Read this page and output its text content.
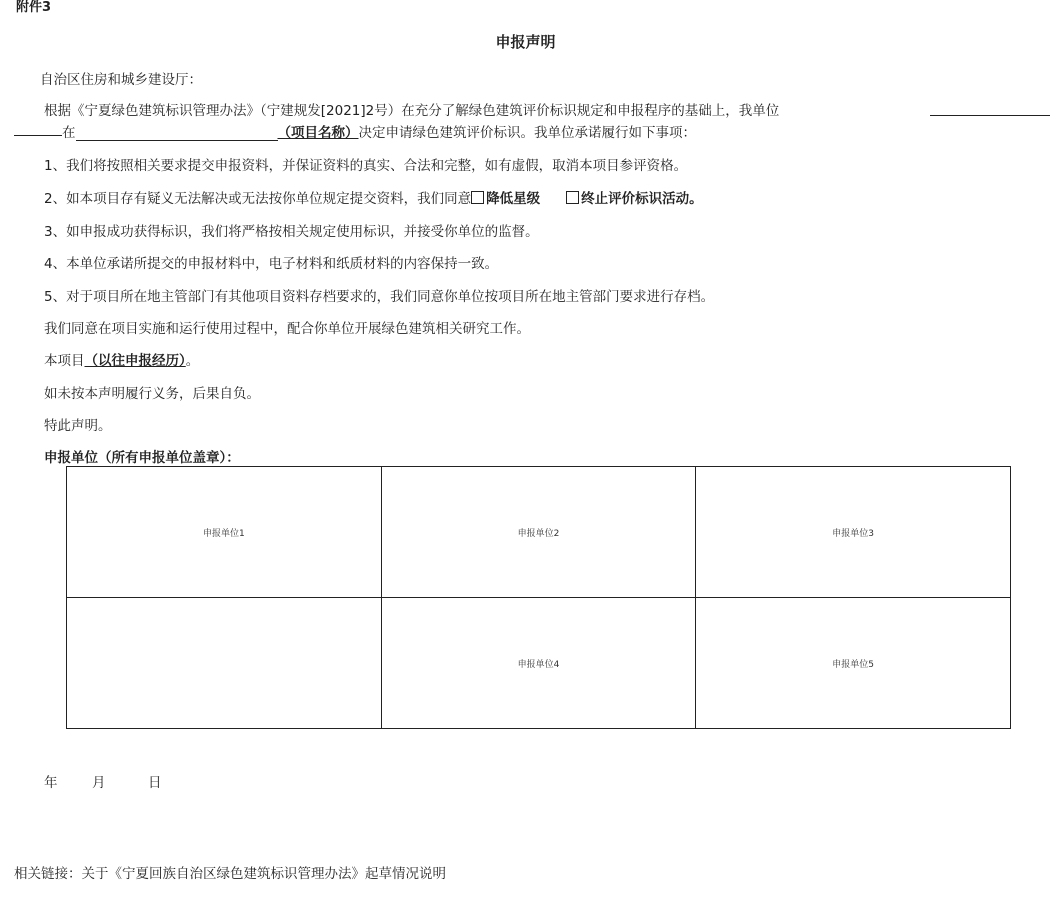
附件3
申报声明
自治区住房和城乡建设厅：
根据《宁夏绿色建筑标识管理办法》（宁建规发[2021]2号）在充分了解绿色建筑评价标识规定和申报程序的基础上，我单位
在	（项目名称）决定申请绿色建筑评价标识。我单位承诺履行如下事项：
1、我们将按照相关要求提交申报资料，并保证资料的真实、合法和完整，如有虚假，取消本项目参评资格。
2、如本项目存有疑义无法解决或无法按你单位规定提交资料，我们同意 降低星级	终止评价标识活动。
3、如申报成功获得标识，我们将严格按相关规定使用标识，并接受你单位的监督。
4、本单位承诺所提交的申报材料中，电子材料和纸质材料的内容保持一致。
5、对于项目所在地主管部门有其他项目资料存档要求的，我们同意你单位按项目所在地主管部门要求进行存档。
我们同意在项目实施和运行使用过程中，配合你单位开展绿色建筑相关研究工作。
本项目（以往申报经历）。
如未按本声明履行义务，后果自负。
特此声明。
申报单位（所有申报单位盖章）：
申报单位1	申报单位2	申报单位3
	申报单位4	申报单位5
年	月	日
相关链接：关于《宁夏回族自治区绿色建筑标识管理办法》起草情况说明
